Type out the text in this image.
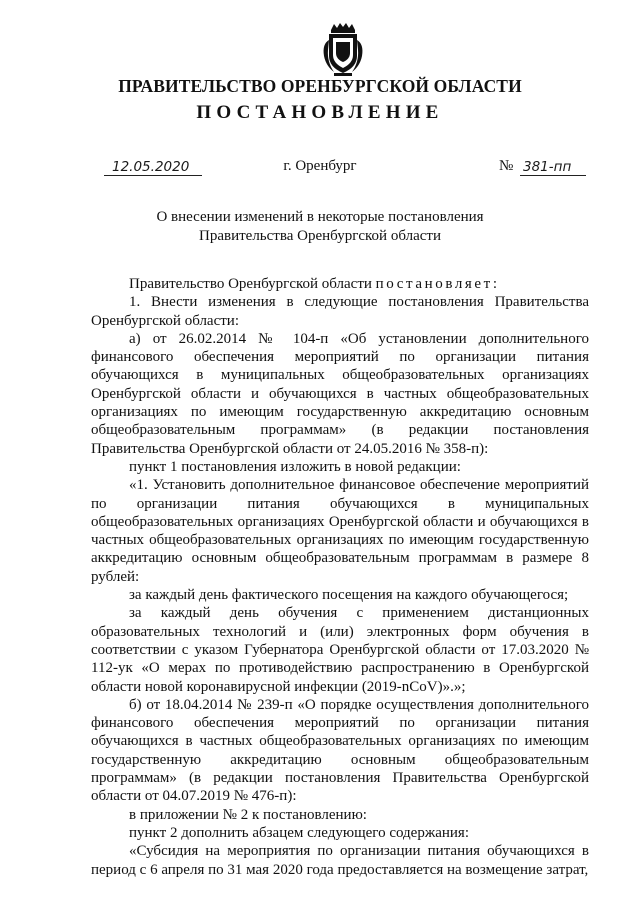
ПРАВИТЕЛЬСТВО ОРЕНБУРГСКОЙ ОБЛАСТИ
ПОСТАНОВЛЕНИЕ
12.05.2020	г. Оренбург	№ 381-пп
О внесении изменений в некоторые постановления
Правительства Оренбургской области

Правительство Оренбургской области постановляет:

1. Внести изменения в следующие постановления Правительства Оренбургской области:

а) от 26.02.2014 № 104-п «Об установлении дополнительного финансового обеспечения мероприятий по организации питания обучающихся в муниципальных общеобразовательных организациях Оренбургской области и обучающихся в частных общеобразовательных организациях по имеющим государственную аккредитацию основным общеобразовательным программам» (в редакции постановления Правительства Оренбургской области от 24.05.2016 № 358-п):

пункт 1 постановления изложить в новой редакции:

«1. Установить дополнительное финансовое обеспечение мероприятий по организации питания обучающихся в муниципальных общеобразовательных организациях Оренбургской области и обучающихся в частных общеобразовательных организациях по имеющим государственную аккредитацию основным общеобразовательным программам в размере 8 рублей:

за каждый день фактического посещения на каждого обучающегося;

за каждый день обучения с применением дистанционных образовательных технологий и (или) электронных форм обучения в соответствии с указом Губернатора Оренбургской области от 17.03.2020 № 112-ук «О мерах по противодействию распространению в Оренбургской области новой коронавирусной инфекции (2019-nCoV)».»;

б) от 18.04.2014 № 239-п «О порядке осуществления дополнительного финансового обеспечения мероприятий по организации питания обучающихся в частных общеобразовательных организациях по имеющим государственную аккредитацию основным общеобразовательным программам» (в редакции постановления Правительства Оренбургской области от 04.07.2019 № 476-п):

в приложении № 2 к постановлению:

пункт 2 дополнить абзацем следующего содержания:

«Субсидия на мероприятия по организации питания обучающихся в период с 6 апреля по 31 мая 2020 года предоставляется на возмещение затрат,
